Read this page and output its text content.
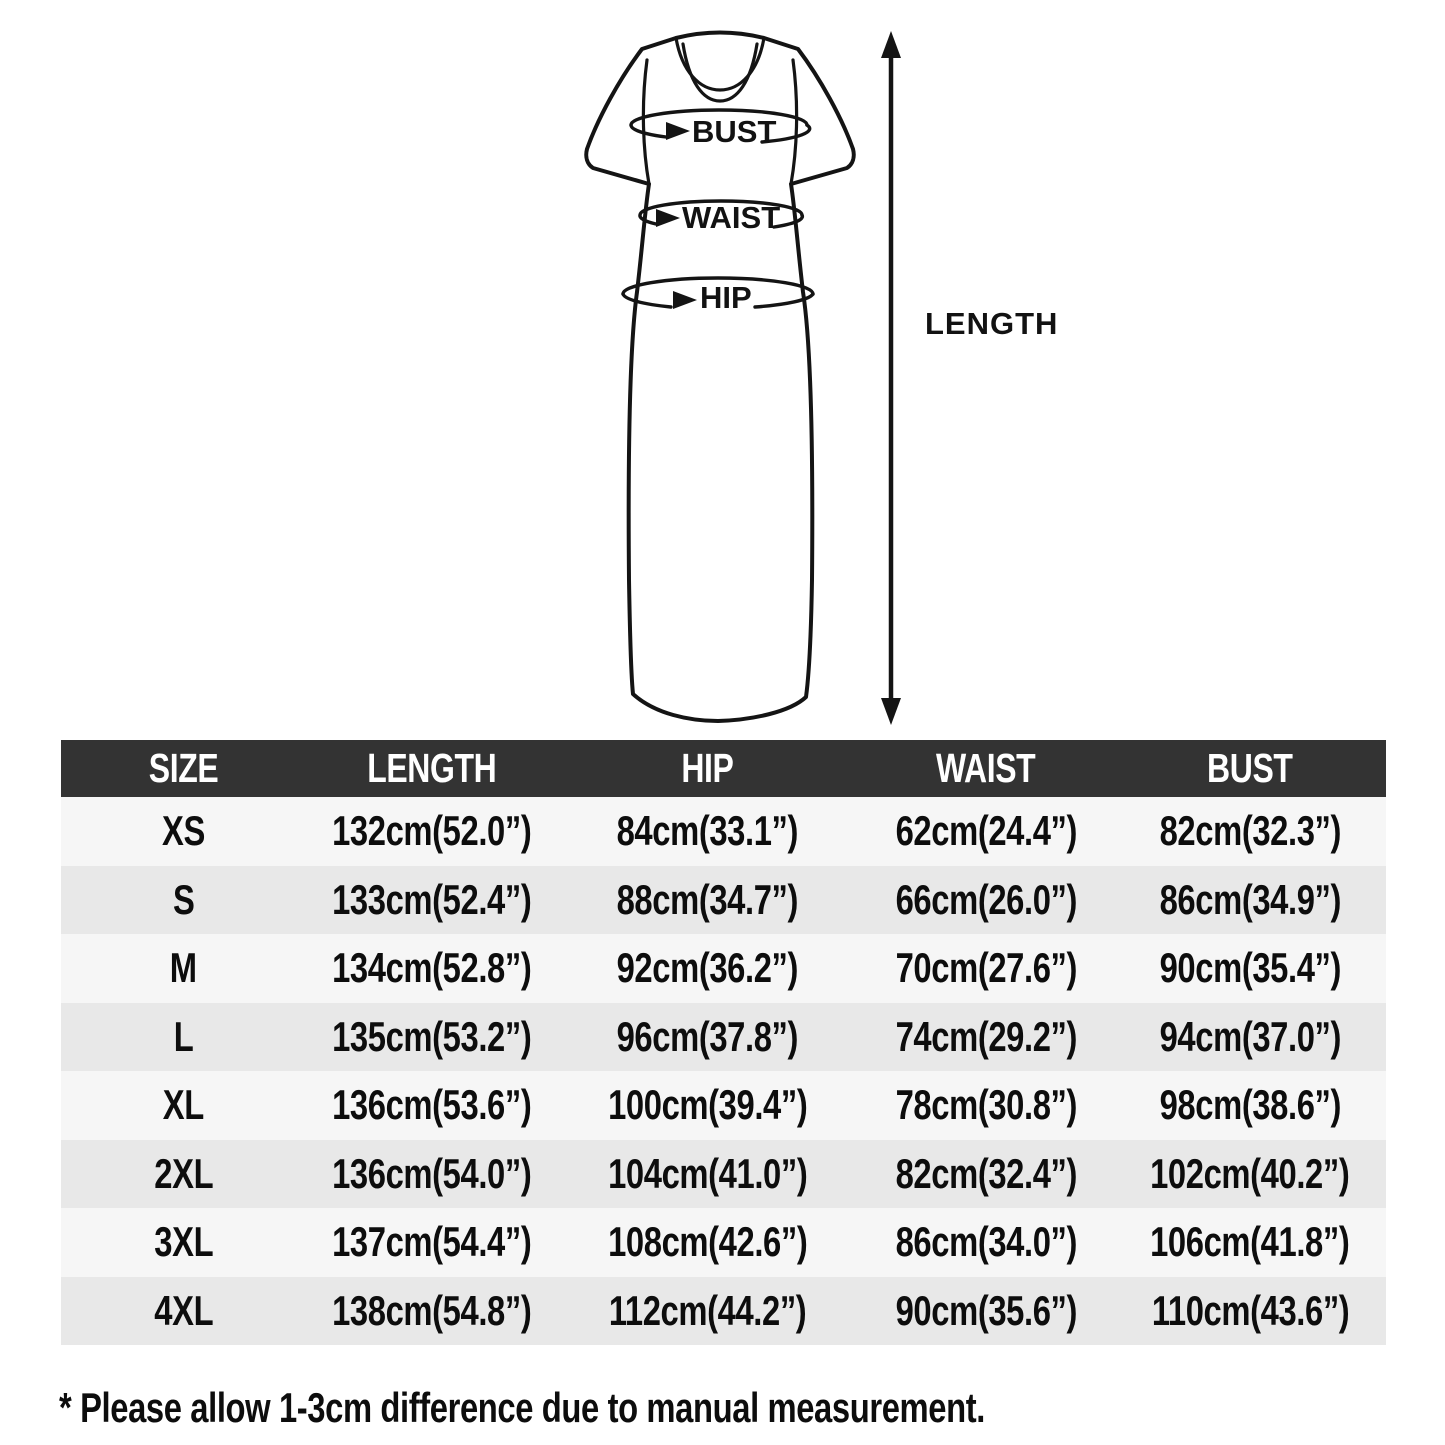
BUST
WAIST
HIP
LENGTH
SIZE	LENGTH	HIP	WAIST	BUST
XS	132cm(52.0”) 84cm(33.1”) 62cm(24.4”) 82cm(32.3”)
S	133cm(52.4”) 88cm(34.7”) 66cm(26.0”) 86cm(34.9”)
M	134cm(52.8”) 92cm(36.2”) 70cm(27.6”) 90cm(35.4”)
L	135cm(53.2”) 96cm(37.8”) 74cm(29.2”) 94cm(37.0”)
XL	136cm(53.6”) 100cm(39.4”) 78cm(30.8”) 98cm(38.6”)
2XL	136cm(54.0”) 104cm(41.0”) 82cm(32.4”) 102cm(40.2”)
3XL	137cm(54.4”) 108cm(42.6”) 86cm(34.0”) 106cm(41.8”)
4XL	138cm(54.8”) 112cm(44.2”) 90cm(35.6”) 110cm(43.6”)
* Please allow 1-3cm difference due to manual measurement.
